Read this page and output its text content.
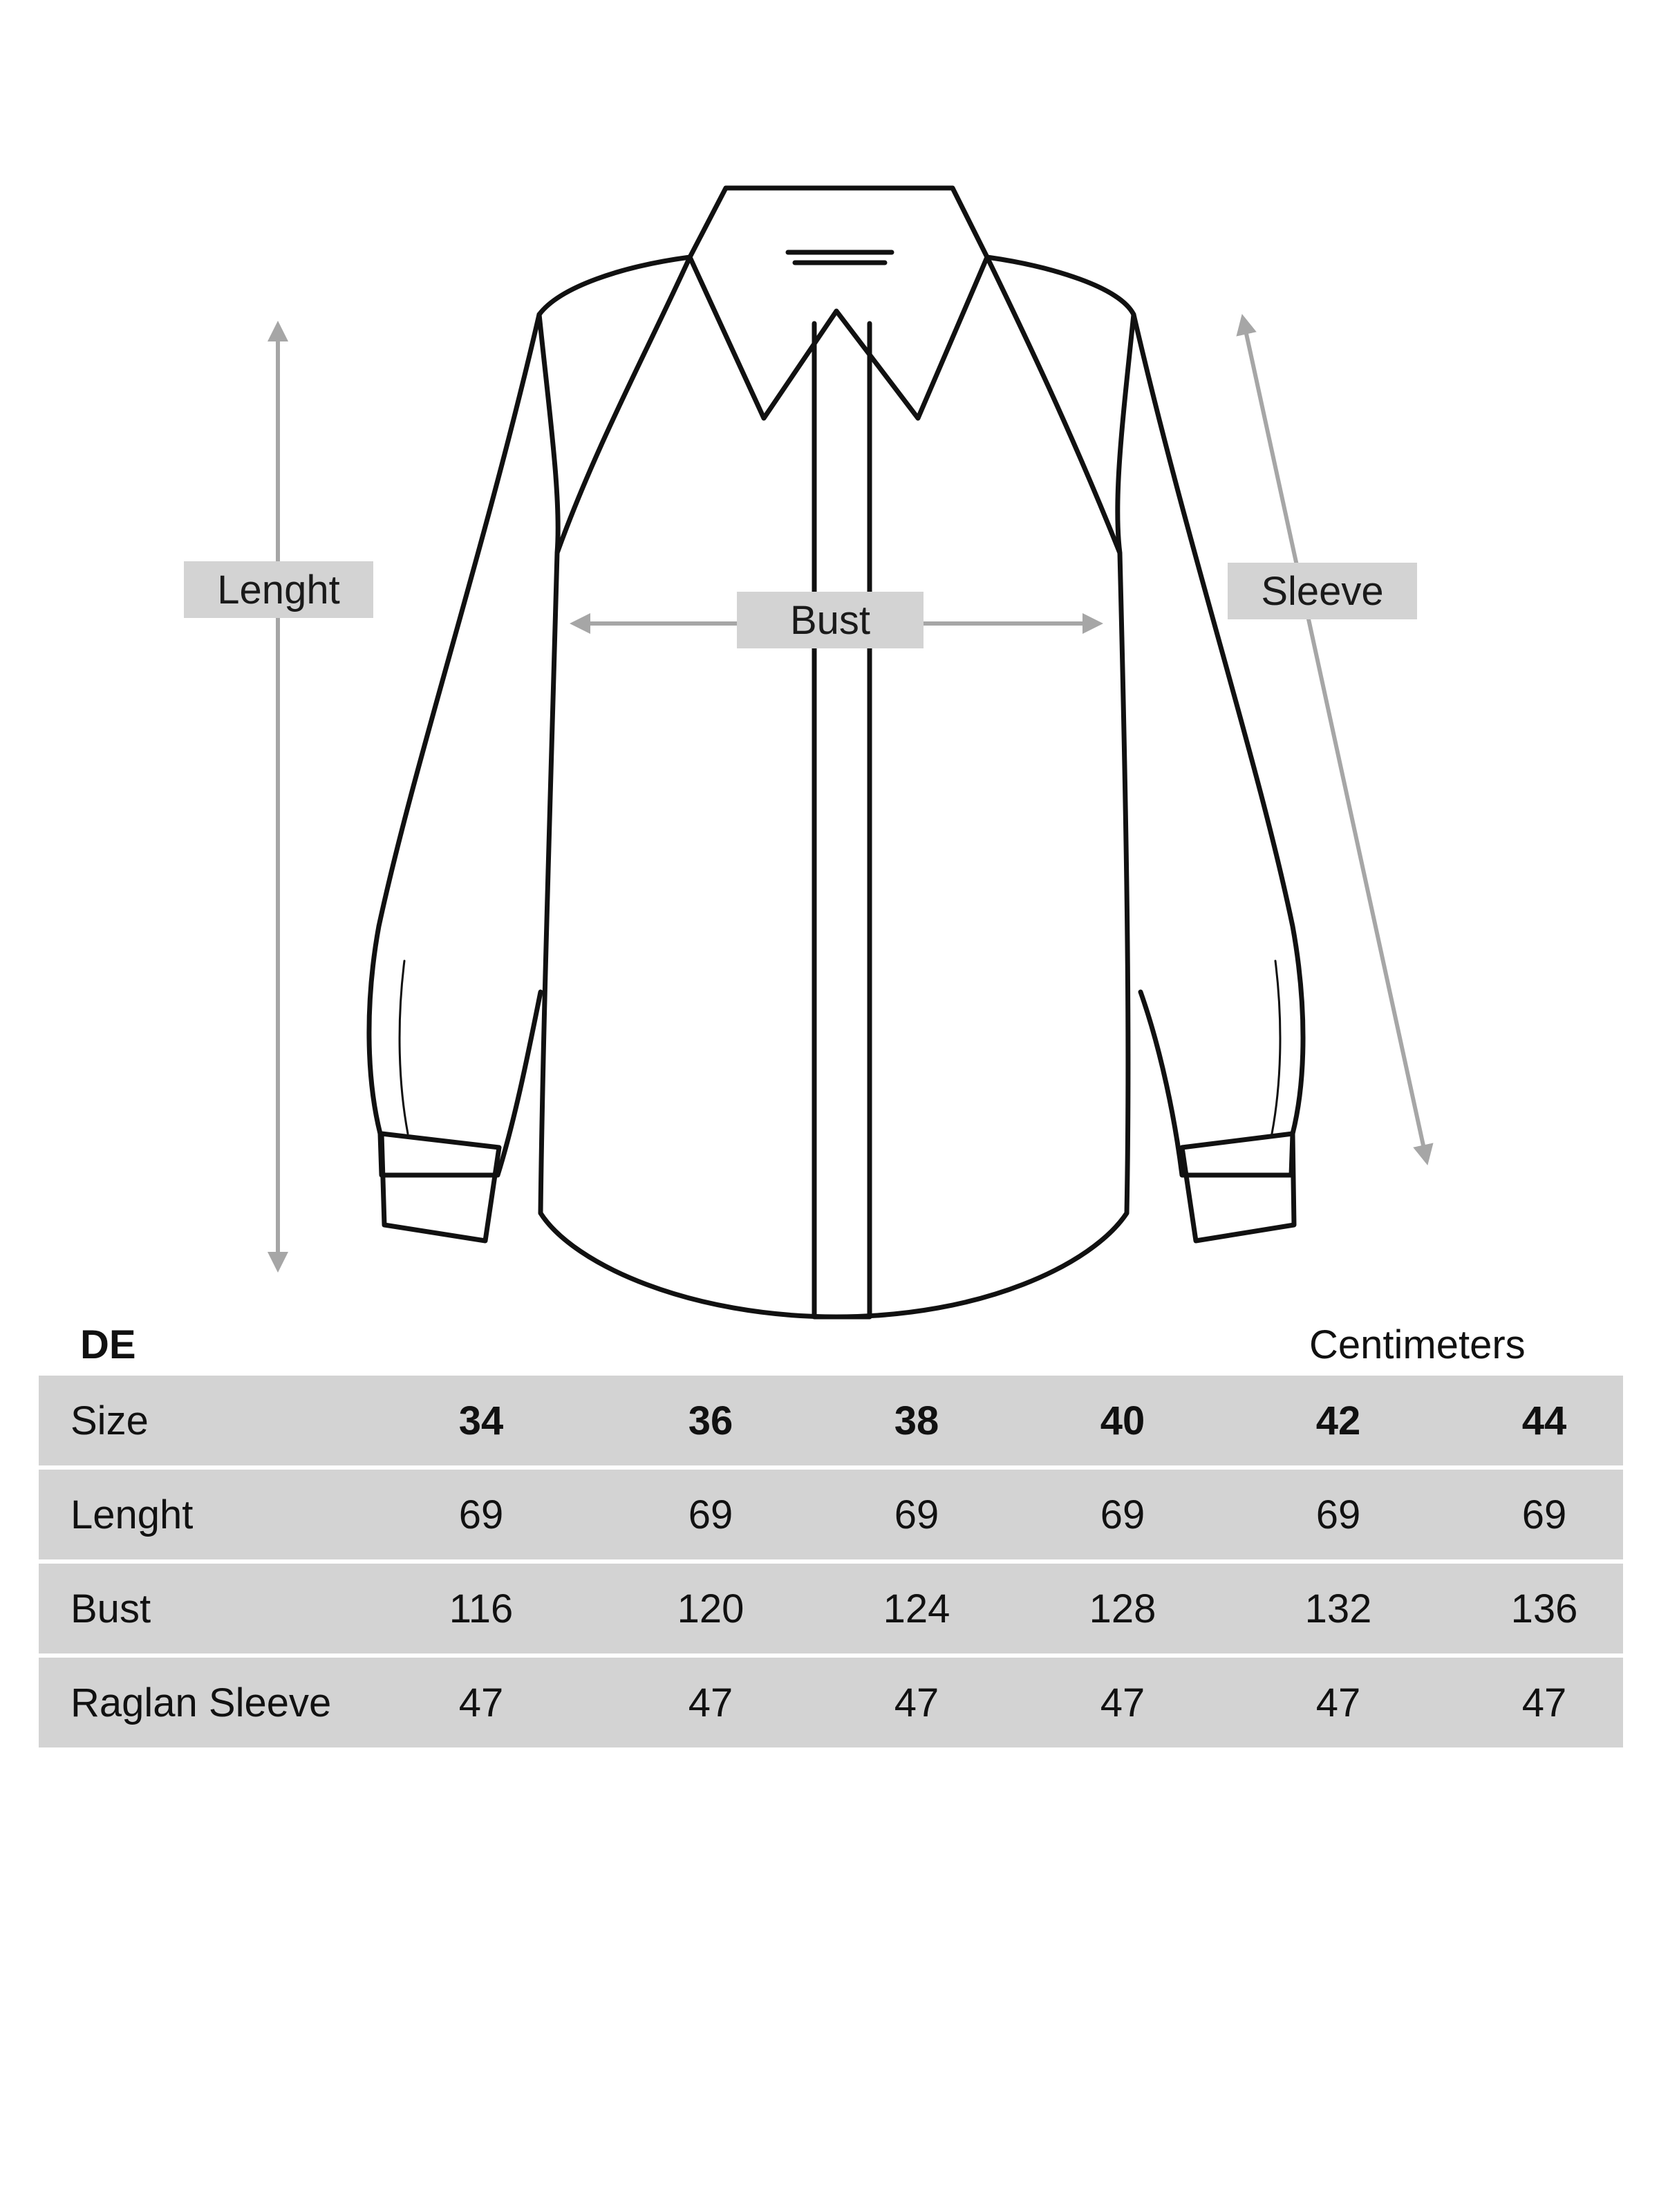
Lenght
Bust
Sleeve
DE	Centimeters
Size	34	36	38	40	42	44
Lenght	69	69	69	69	69	69
Bust	116	120	124	128	132	136
Raglan Sleeve	47	47	47	47	47	47
